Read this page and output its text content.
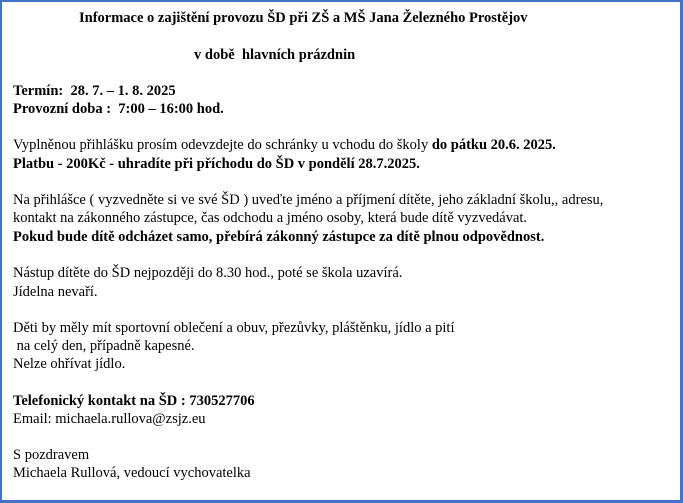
Informace o zajištění provozu ŠD při ZŠ a MŠ Jana Železného Prostějov
v době  hlavních prázdnin
Termín:  28. 7. – 1. 8. 2025
Provozní doba :  7:00 – 16:00 hod.
Vyplněnou přihlášku prosím odevzdejte do schránky u vchodu do školy do pátku 20.6. 2025.
Platbu - 200Kč - uhradíte při příchodu do ŠD v pondělí 28.7.2025.
Na přihlášce ( vyzvedněte si ve své ŠD ) uveďte jméno a příjmení dítěte, jeho základní školu,, adresu,
kontakt na zákonného zástupce, čas odchodu a jméno osoby, která bude dítě vyzvedávat.
Pokud bude dítě odcházet samo, přebírá zákonný zástupce za dítě plnou odpovědnost.
Nástup dítěte do ŠD nejpozději do 8.30 hod., poté se škola uzavírá.
Jídelna nevaří.
Děti by měly mít sportovní oblečení a obuv, přezůvky, pláštěnku, jídlo a pití
na celý den, případně kapesné.
Nelze ohřívat jídlo.
Telefonický kontakt na ŠD : 730527706
Email: michaela.rullova@zsjz.eu
S pozdravem
Michaela Rullová, vedoucí vychovatelka
